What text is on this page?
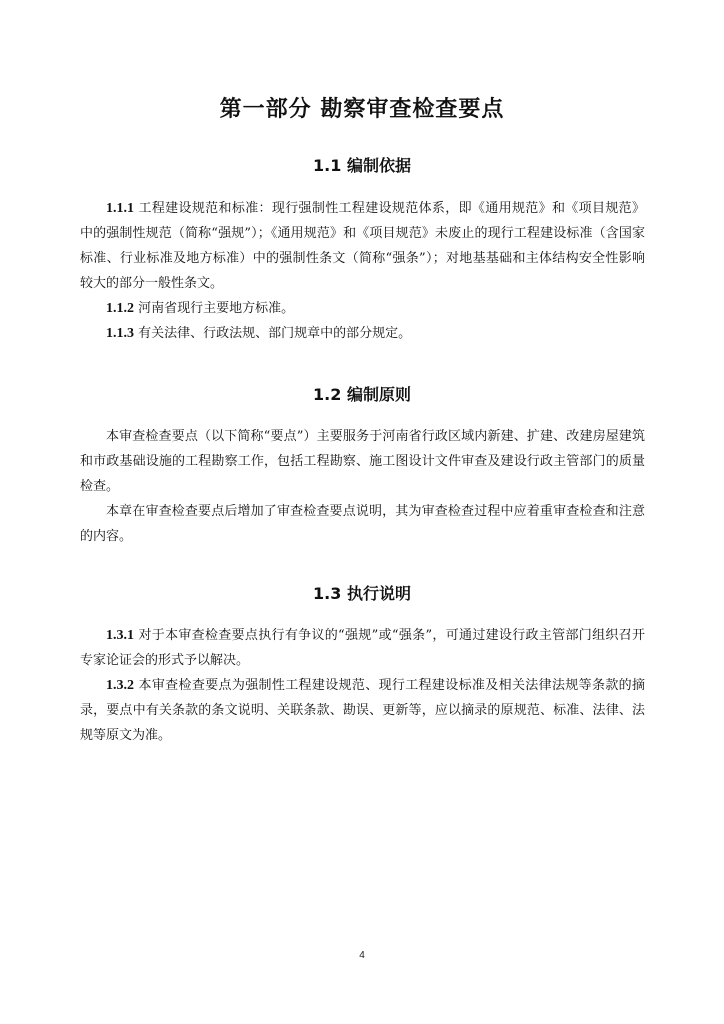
第一部分 勘察审查检查要点
1.1 编制依据

1.1.1 工程建设规范和标准：现行强制性工程建设规范体系，即《通用规范》和《项目规范》中的强制性规范（简称“强规”）；《通用规范》和《项目规范》未废止的现行工程建设标准（含国家标准、行业标准及地方标准）中的强制性条文（简称“强条”）；对地基基础和主体结构安全性影响较大的部分一般性条文。

1.1.2 河南省现行主要地方标准。

1.1.3 有关法律、行政法规、部门规章中的部分规定。

1.2 编制原则

本审查检查要点（以下简称“要点”）主要服务于河南省行政区域内新建、扩建、改建房屋建筑和市政基础设施的工程勘察工作，包括工程勘察、施工图设计文件审查及建设行政主管部门的质量检查。

本章在审查检查要点后增加了审查检查要点说明，其为审查检查过程中应着重审查检查和注意的内容。

1.3 执行说明

1.3.1 对于本审查检查要点执行有争议的“强规”或“强条”，可通过建设行政主管部门组织召开专家论证会的形式予以解决。

1.3.2 本审查检查要点为强制性工程建设规范、现行工程建设标准及相关法律法规等条款的摘录，要点中有关条款的条文说明、关联条款、勘误、更新等，应以摘录的原规范、标准、法律、法规等原文为准。

4
